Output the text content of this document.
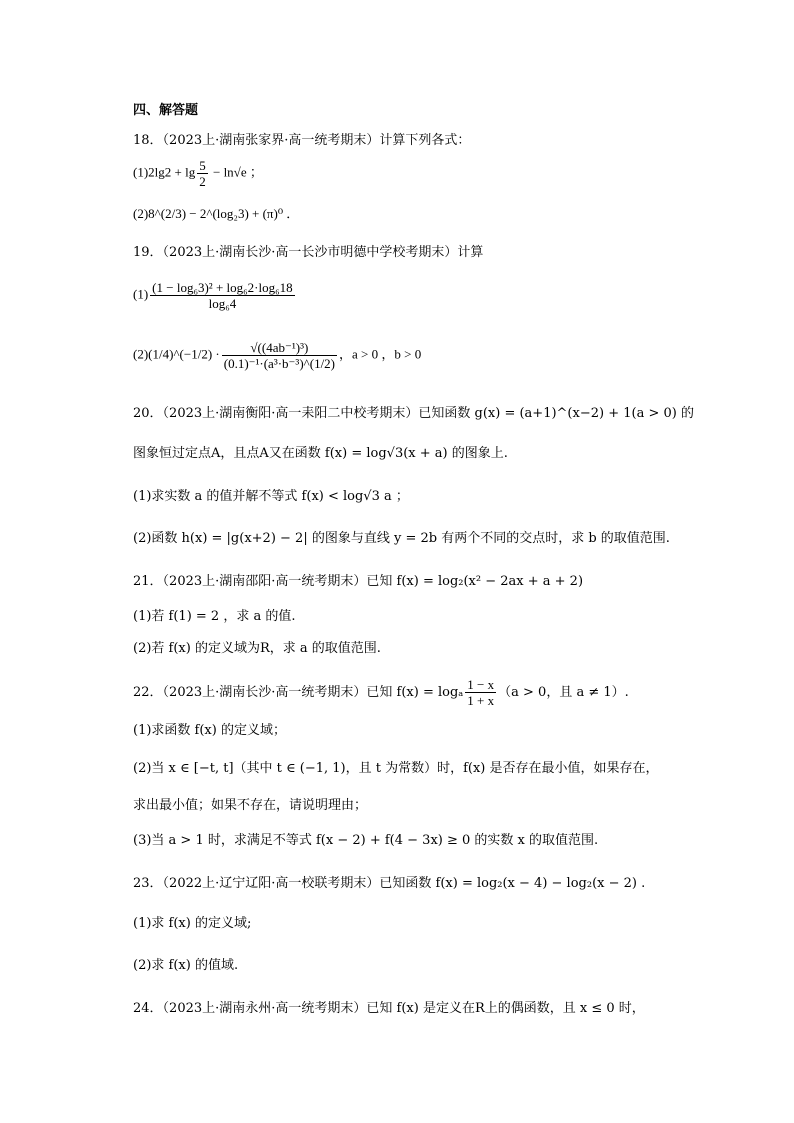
四、解答题
18．（2023上·湖南张家界·高一统考期末）计算下列各式：
$(1)2\lg 2 + \lg \frac{5}{2} - \ln√e$ ；
(2)8^(2/3) − 2^(log₂3) + (π)⁰ ．
19．（2023上·湖南长沙·高一长沙市明德中学校考期末）计算
$(1) \frac{\text{(1 − log₆3)² + log₆2·log₆18}}{\text{log₆4}}$
(2)(1/4)^(−1/2) · $\frac{\text{√((4ab⁻¹)³)}}{\text{(0.1)⁻¹·(a³·b⁻³)\textasciicircum{}(1/2)}}$ ，a > 0 ，b > 0
20．（2023上·湖南衡阳·高一耒阳二中校考期末）已知函数 g(x) = (a+1)^(x−2) + 1(a > 0) 的
图象恒过定点A，且点A又在函数 f(x) = log√3(x + a) 的图象上.
(1)求实数 a 的值并解不等式 f(x) < log√3 a ；
(2)函数 h(x) = |g(x+2) − 2| 的图象与直线 y = 2b 有两个不同的交点时，求 b 的取值范围.
21．（2023上·湖南邵阳·高一统考期末）已知 f(x) = log₂(x² − 2ax + a + 2)
(1)若 f(1) = 2 ，求 a 的值.
(2)若 f(x) 的定义域为R，求 a 的取值范围.
22．（2023上·湖南长沙·高一统考期末）已知 f(x) = logₐ $\frac{1 - x}{1 + x} (a > 0$，且 a ≠ 1）.
(1)求函数 f(x) 的定义域；
(2)当 x ∈ [−t, t]（其中 t ∈ (−1, 1)，且 t 为常数）时，f(x) 是否存在最小值，如果存在，
求出最小值；如果不存在，请说明理由；
(3)当 a > 1 时，求满足不等式 f(x − 2) + f(4 − 3x) ≥ 0 的实数 x 的取值范围.
23．（2022上·辽宁辽阳·高一校联考期末）已知函数 f(x) = log₂(x − 4) − log₂(x − 2) .
(1)求 f(x) 的定义域;
(2)求 f(x) 的值域.
24．（2023上·湖南永州·高一统考期末）已知 f(x) 是定义在R上的偶函数，且 x ≤ 0 时，
